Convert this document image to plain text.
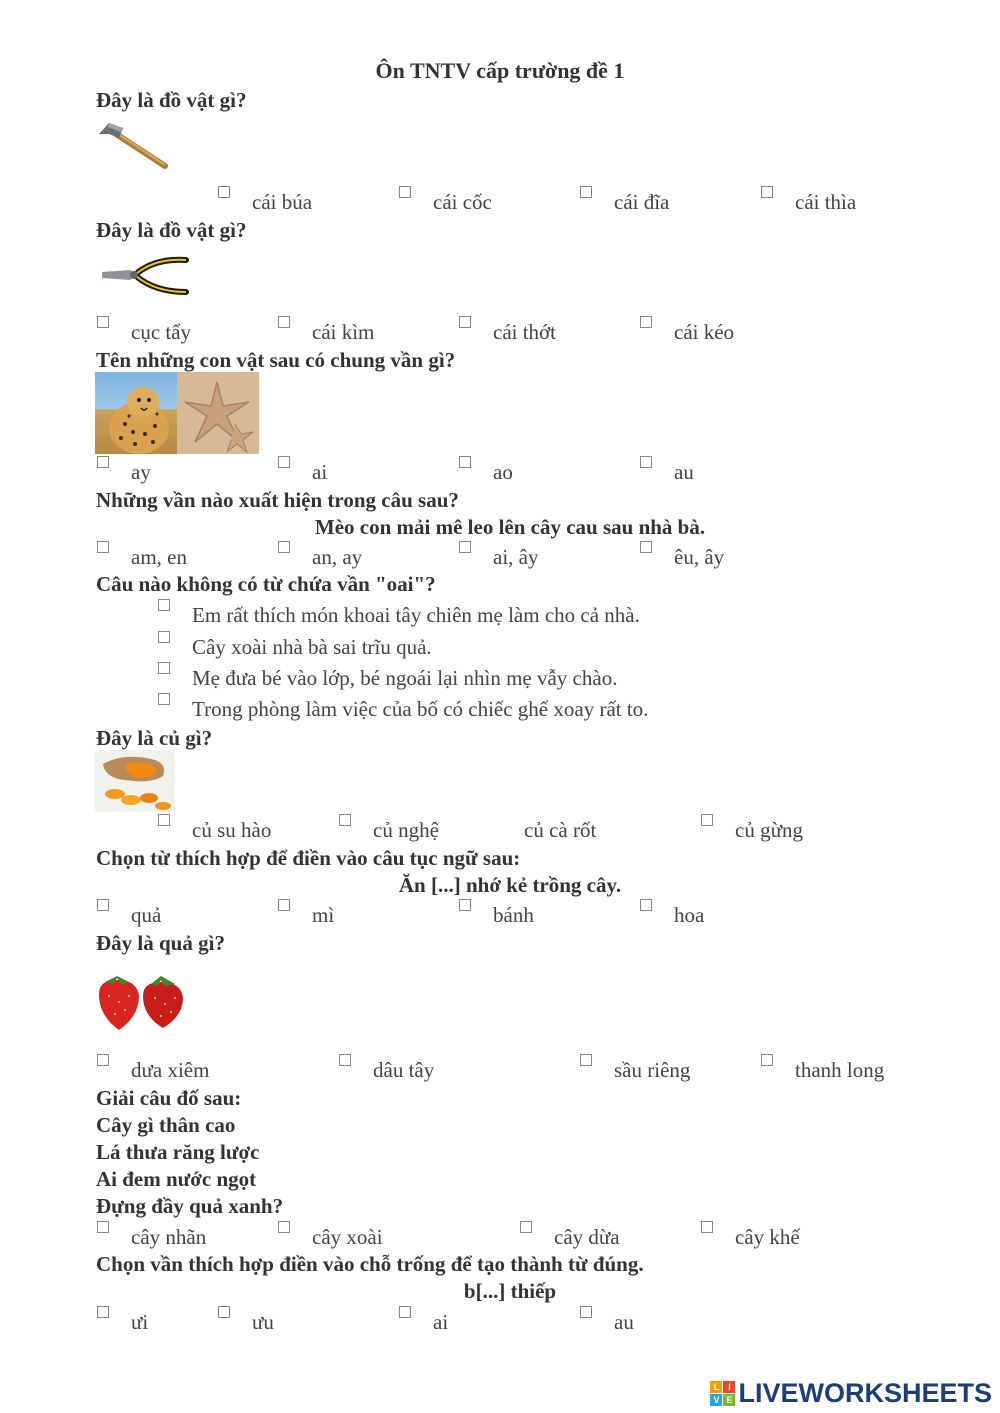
Ôn TNTV cấp trường đề 1
Đây là đồ vật gì?
cái búa	cái cốc	cái đĩa	cái thìa
Đây là đồ vật gì?
cục tẩy	cái kìm	cái thớt	cái kéo
Tên những con vật sau có chung vần gì?
ay	ai	ao	au
Những vần nào xuất hiện trong câu sau?
Mèo con mải mê leo lên cây cau sau nhà bà.
am, en	an, ay	ai, ây	êu, ây
Câu nào không có từ chứa vần "oai"?
Em rất thích món khoai tây chiên mẹ làm cho cả nhà.
Cây xoài nhà bà sai trĩu quả.
Mẹ đưa bé vào lớp, bé ngoái lại nhìn mẹ vẫy chào.
Trong phòng làm việc của bố có chiếc ghế xoay rất to.
Đây là củ gì?
củ su hào	củ nghệ	củ cà rốt	củ gừng
Chọn từ thích hợp để điền vào câu tục ngữ sau:
Ăn [...] nhớ kẻ trồng cây.
quả	mì	bánh	hoa
Đây là quả gì?
dưa xiêm	dâu tây	sầu riêng	thanh long
Giải câu đố sau:
Cây gì thân cao
Lá thưa răng lược
Ai đem nước ngọt
Đựng đầy quả xanh?
cây nhãn	cây xoài	cây dừa	cây khế
Chọn vần thích hợp điền vào chỗ trống để tạo thành từ đúng.
b[...] thiếp
ưi	ưu	ai	au
L I
V E LIVEWORKSHEETS
